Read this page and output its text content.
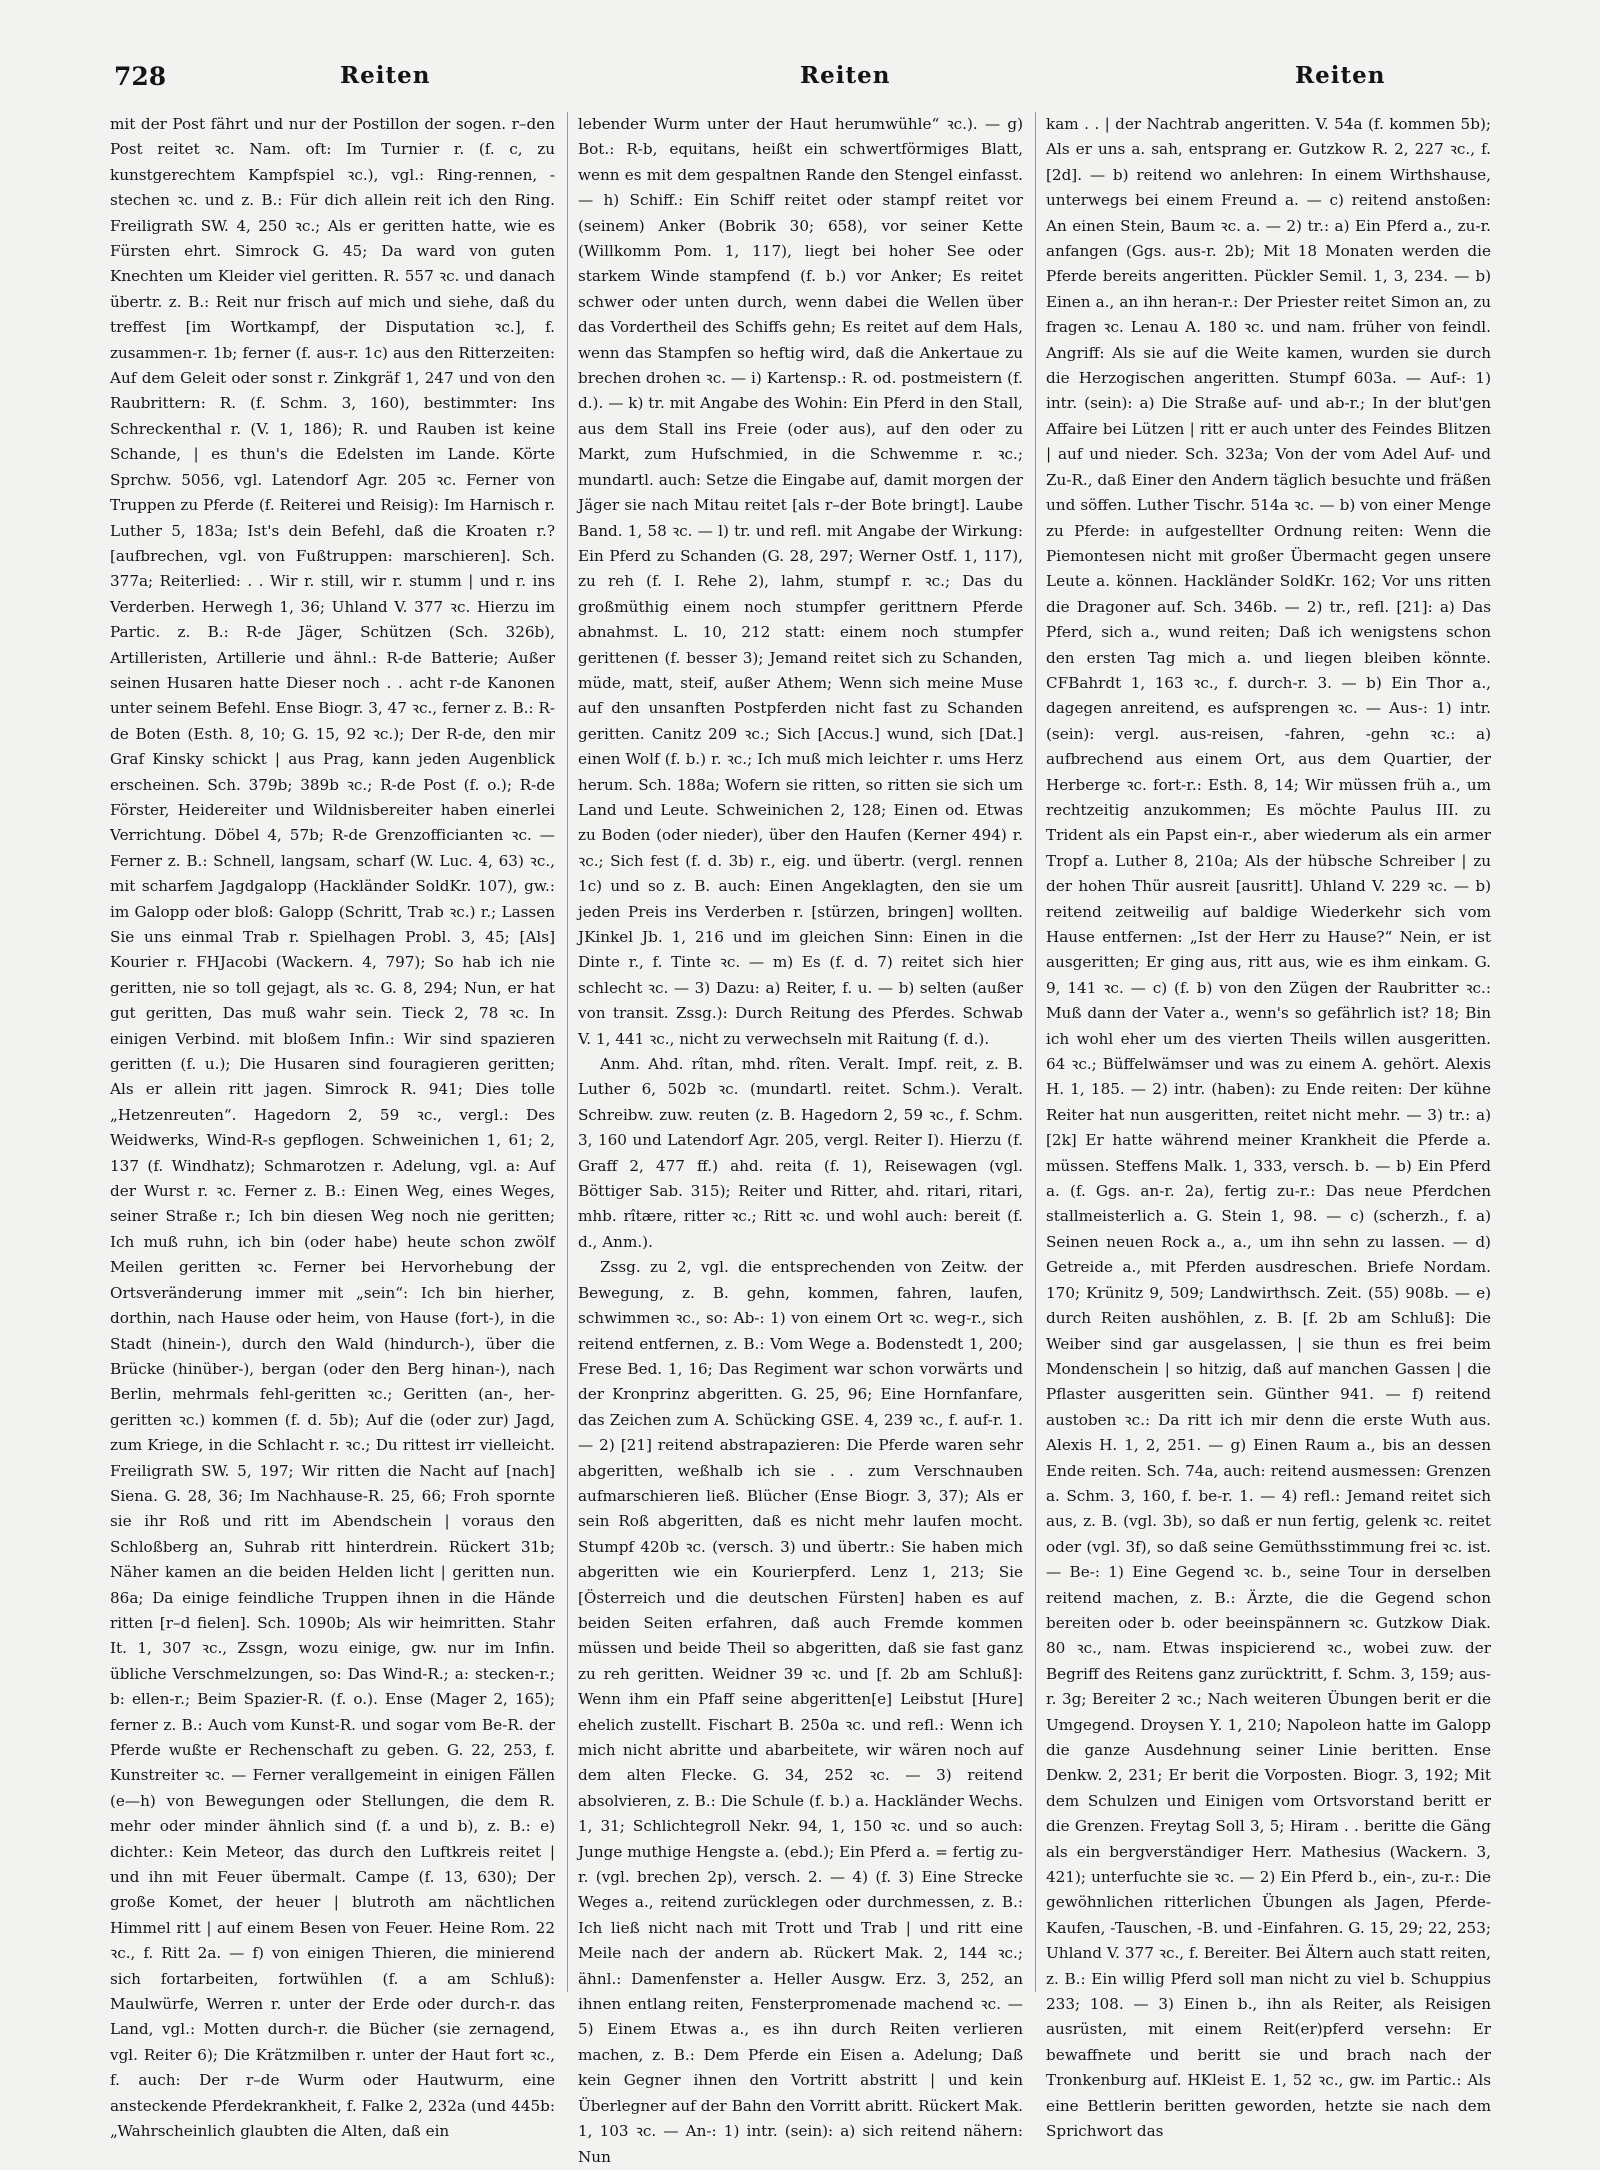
728	Reiten	Reiten	Reiten

mit der Post fährt und nur der Postillon der sogen. r–den Post reitet ꝛc. Nam. oft: Im Turnier r. (f. c, zu kunstgerechtem Kampfspiel ꝛc.), vgl.: Ring-rennen, -stechen ꝛc. und z. B.: Für dich allein reit ich den Ring. Freiligrath SW. 4, 250 ꝛc.; Als er geritten hatte, wie es Fürsten ehrt. Simrock G. 45; Da ward von guten Knechten um Kleider viel geritten. R. 557 ꝛc. und danach übertr. z. B.: Reit nur frisch auf mich und siehe, daß du treffest [im Wortkampf, der Disputation ꝛc.], f. zusammen-r. 1b; ferner (f. aus-r. 1c) aus den Ritterzeiten: Auf dem Geleit oder sonst r. Zinkgräf 1, 247 und von den Raubrittern: R. (f. Schm. 3, 160), bestimmter: Ins Schreckenthal r. (V. 1, 186); R. und Rauben ist keine Schande, | es thun's die Edelsten im Lande. Körte Sprchw. 5056, vgl. Latendorf Agr. 205 ꝛc. Ferner von Truppen zu Pferde (f. Reiterei und Reisig): Im Harnisch r. Luther 5, 183a; Ist's dein Befehl, daß die Kroaten r.? [aufbrechen, vgl. von Fußtruppen: marschieren]. Sch. 377a; Reiterlied: . . Wir r. still, wir r. stumm | und r. ins Verderben. Herwegh 1, 36; Uhland V. 377 ꝛc. Hierzu im Partic. z. B.: R-de Jäger, Schützen (Sch. 326b), Artilleristen, Artillerie und ähnl.: R-de Batterie; Außer seinen Husaren hatte Dieser noch . . acht r-de Kanonen unter seinem Befehl. Ense Biogr. 3, 47 ꝛc., ferner z. B.: R-de Boten (Esth. 8, 10; G. 15, 92 ꝛc.); Der R-de, den mir Graf Kinsky schickt | aus Prag, kann jeden Augenblick erscheinen. Sch. 379b; 389b ꝛc.; R-de Post (f. o.); R-de Förster, Heidereiter und Wildnisbereiter haben einerlei Verrichtung. Döbel 4, 57b; R-de Grenzofficianten ꝛc. — Ferner z. B.: Schnell, langsam, scharf (W. Luc. 4, 63) ꝛc., mit scharfem Jagdgalopp (Hackländer SoldKr. 107), gw.: im Galopp oder bloß: Galopp (Schritt, Trab ꝛc.) r.; Lassen Sie uns einmal Trab r. Spielhagen Probl. 3, 45; [Als] Kourier r. FHJacobi (Wackern. 4, 797); So hab ich nie geritten, nie so toll gejagt, als ꝛc. G. 8, 294; Nun, er hat gut geritten, Das muß wahr sein. Tieck 2, 78 ꝛc. In einigen Verbind. mit bloßem Infin.: Wir sind spazieren geritten (f. u.); Die Husaren sind fouragieren geritten; Als er allein ritt jagen. Simrock R. 941; Dies tolle „Hetzenreuten“. Hagedorn 2, 59 ꝛc., vergl.: Des Weidwerks, Wind-R-s gepflogen. Schweinichen 1, 61; 2, 137 (f. Windhatz); Schmarotzen r. Adelung, vgl. a: Auf der Wurst r. ꝛc. Ferner z. B.: Einen Weg, eines Weges, seiner Straße r.; Ich bin diesen Weg noch nie geritten; Ich muß ruhn, ich bin (oder habe) heute schon zwölf Meilen geritten ꝛc. Ferner bei Hervorhebung der Ortsveränderung immer mit „sein“: Ich bin hierher, dorthin, nach Hause oder heim, von Hause (fort-), in die Stadt (hinein-), durch den Wald (hindurch-), über die Brücke (hinüber-), bergan (oder den Berg hinan-), nach Berlin, mehrmals fehl-geritten ꝛc.; Geritten (an-, her-geritten ꝛc.) kommen (f. d. 5b); Auf die (oder zur) Jagd, zum Kriege, in die Schlacht r. ꝛc.; Du rittest irr vielleicht. Freiligrath SW. 5, 197; Wir ritten die Nacht auf [nach] Siena. G. 28, 36; Im Nachhause-R. 25, 66; Froh spornte sie ihr Roß und ritt im Abendschein | voraus den Schloßberg an, Suhrab ritt hinterdrein. Rückert 31b; Näher kamen an die beiden Helden licht | geritten nun. 86a; Da einige feindliche Truppen ihnen in die Hände ritten [r–d fielen]. Sch. 1090b; Als wir heimritten. Stahr It. 1, 307 ꝛc., Zssgn, wozu einige, gw. nur im Infin. übliche Verschmelzungen, so: Das Wind-R.; a: stecken-r.; b: ellen-r.; Beim Spazier-R. (f. o.). Ense (Mager 2, 165); ferner z. B.: Auch vom Kunst-R. und sogar vom Be-R. der Pferde wußte er Rechenschaft zu geben. G. 22, 253, f. Kunstreiter ꝛc. — Ferner verallgemeint in einigen Fällen (e—h) von Bewegungen oder Stellungen, die dem R. mehr oder minder ähnlich sind (f. a und b), z. B.: e) dichter.: Kein Meteor, das durch den Luftkreis reitet | und ihn mit Feuer übermalt. Campe (f. 13, 630); Der große Komet, der heuer | blutroth am nächtlichen Himmel ritt | auf einem Besen von Feuer. Heine Rom. 22 ꝛc., f. Ritt 2a. — f) von einigen Thieren, die minierend sich fortarbeiten, fortwühlen (f. a am Schluß): Maulwürfe, Werren r. unter der Erde oder durch-r. das Land, vgl.: Motten durch-r. die Bücher (sie zernagend, vgl. Reiter 6); Die Krätzmilben r. unter der Haut fort ꝛc., f. auch: Der r–de Wurm oder Hautwurm, eine ansteckende Pferdekrankheit, f. Falke 2, 232a (und 445b: „Wahrscheinlich glaubten die Alten, daß ein

lebender Wurm unter der Haut herumwühle“ ꝛc.). — g) Bot.: R-b, equitans, heißt ein schwertförmiges Blatt, wenn es mit dem gespaltnen Rande den Stengel einfasst. — h) Schiff.: Ein Schiff reitet oder stampf reitet vor (seinem) Anker (Bobrik 30; 658), vor seiner Kette (Willkomm Pom. 1, 117), liegt bei hoher See oder starkem Winde stampfend (f. b.) vor Anker; Es reitet schwer oder unten durch, wenn dabei die Wellen über das Vordertheil des Schiffs gehn; Es reitet auf dem Hals, wenn das Stampfen so heftig wird, daß die Ankertaue zu brechen drohen ꝛc. — i) Kartensp.: R. od. postmeistern (f. d.). — k) tr. mit Angabe des Wohin: Ein Pferd in den Stall, aus dem Stall ins Freie (oder aus), auf den oder zu Markt, zum Hufschmied, in die Schwemme r. ꝛc.; mundartl. auch: Setze die Eingabe auf, damit morgen der Jäger sie nach Mitau reitet [als r–der Bote bringt]. Laube Band. 1, 58 ꝛc. — l) tr. und refl. mit Angabe der Wirkung: Ein Pferd zu Schanden (G. 28, 297; Werner Ostf. 1, 117), zu reh (f. I. Rehe 2), lahm, stumpf r. ꝛc.; Das du großmüthig einem noch stumpfer gerittnern Pferde abnahmst. L. 10, 212 statt: einem noch stumpfer gerittenen (f. besser 3); Jemand reitet sich zu Schanden, müde, matt, steif, außer Athem; Wenn sich meine Muse auf den unsanften Postpferden nicht fast zu Schanden geritten. Canitz 209 ꝛc.; Sich [Accus.] wund, sich [Dat.] einen Wolf (f. b.) r. ꝛc.; Ich muß mich leichter r. ums Herz herum. Sch. 188a; Wofern sie ritten, so ritten sie sich um Land und Leute. Schweinichen 2, 128; Einen od. Etwas zu Boden (oder nieder), über den Haufen (Kerner 494) r. ꝛc.; Sich fest (f. d. 3b) r., eig. und übertr. (vergl. rennen 1c) und so z. B. auch: Einen Angeklagten, den sie um jeden Preis ins Verderben r. [stürzen, bringen] wollten. JKinkel Jb. 1, 216 und im gleichen Sinn: Einen in die Dinte r., f. Tinte ꝛc. — m) Es (f. d. 7) reitet sich hier schlecht ꝛc. — 3) Dazu: a) Reiter, f. u. — b) selten (außer von transit. Zssg.): Durch Reitung des Pferdes. Schwab V. 1, 441 ꝛc., nicht zu verwechseln mit Raitung (f. d.).

Anm. Ahd. rîtan, mhd. rîten. Veralt. Impf. reit, z. B. Luther 6, 502b ꝛc. (mundartl. reitet. Schm.). Veralt. Schreibw. zuw. reuten (z. B. Hagedorn 2, 59 ꝛc., f. Schm. 3, 160 und Latendorf Agr. 205, vergl. Reiter I). Hierzu (f. Graff 2, 477 ff.) ahd. reita (f. 1), Reisewagen (vgl. Böttiger Sab. 315); Reiter und Ritter, ahd. ritari, ritari, mhb. rîtære, ritter ꝛc.; Ritt ꝛc. und wohl auch: bereit (f. d., Anm.).

Zssg. zu 2, vgl. die entsprechenden von Zeitw. der Bewegung, z. B. gehn, kommen, fahren, laufen, schwimmen ꝛc., so: Ab-: 1) von einem Ort ꝛc. weg-r., sich reitend entfernen, z. B.: Vom Wege a. Bodenstedt 1, 200; Frese Bed. 1, 16; Das Regiment war schon vorwärts und der Kronprinz abgeritten. G. 25, 96; Eine Hornfanfare, das Zeichen zum A. Schücking GSE. 4, 239 ꝛc., f. auf-r. 1. — 2) [21] reitend abstrapazieren: Die Pferde waren sehr abgeritten, weßhalb ich sie . . zum Verschnauben aufmarschieren ließ. Blücher (Ense Biogr. 3, 37); Als er sein Roß abgeritten, daß es nicht mehr laufen mocht. Stumpf 420b ꝛc. (versch. 3) und übertr.: Sie haben mich abgeritten wie ein Kourierpferd. Lenz 1, 213; Sie [Österreich und die deutschen Fürsten] haben es auf beiden Seiten erfahren, daß auch Fremde kommen müssen und beide Theil so abgeritten, daß sie fast ganz zu reh geritten. Weidner 39 ꝛc. und [f. 2b am Schluß]: Wenn ihm ein Pfaff seine abgeritten[e] Leibstut [Hure] ehelich zustellt. Fischart B. 250a ꝛc. und refl.: Wenn ich mich nicht abritte und abarbeitete, wir wären noch auf dem alten Flecke. G. 34, 252 ꝛc. — 3) reitend absolvieren, z. B.: Die Schule (f. b.) a. Hackländer Wechs. 1, 31; Schlichtegroll Nekr. 94, 1, 150 ꝛc. und so auch: Junge muthige Hengste a. (ebd.); Ein Pferd a. = fertig zu-r. (vgl. brechen 2p), versch. 2. — 4) (f. 3) Eine Strecke Weges a., reitend zurücklegen oder durchmessen, z. B.: Ich ließ nicht nach mit Trott und Trab | und ritt eine Meile nach der andern ab. Rückert Mak. 2, 144 ꝛc.; ähnl.: Damenfenster a. Heller Ausgw. Erz. 3, 252, an ihnen entlang reiten, Fensterpromenade machend ꝛc. — 5) Einem Etwas a., es ihn durch Reiten verlieren machen, z. B.: Dem Pferde ein Eisen a. Adelung; Daß kein Gegner ihnen den Vortritt abstritt | und kein Überlegner auf der Bahn den Vorritt abritt. Rückert Mak. 1, 103 ꝛc. — An-: 1) intr. (sein): a) sich reitend nähern: Nun

kam . . | der Nachtrab angeritten. V. 54a (f. kommen 5b); Als er uns a. sah, entsprang er. Gutzkow R. 2, 227 ꝛc., f. [2d]. — b) reitend wo anlehren: In einem Wirthshause, unterwegs bei einem Freund a. — c) reitend anstoßen: An einen Stein, Baum ꝛc. a. — 2) tr.: a) Ein Pferd a., zu-r. anfangen (Ggs. aus-r. 2b); Mit 18 Monaten werden die Pferde bereits angeritten. Pückler Semil. 1, 3, 234. — b) Einen a., an ihn heran-r.: Der Priester reitet Simon an, zu fragen ꝛc. Lenau A. 180 ꝛc. und nam. früher von feindl. Angriff: Als sie auf die Weite kamen, wurden sie durch die Herzogischen angeritten. Stumpf 603a. — Auf-: 1) intr. (sein): a) Die Straße auf- und ab-r.; In der blut'gen Affaire bei Lützen | ritt er auch unter des Feindes Blitzen | auf und nieder. Sch. 323a; Von der vom Adel Auf- und Zu-R., daß Einer den Andern täglich besuchte und fräßen und söffen. Luther Tischr. 514a ꝛc. — b) von einer Menge zu Pferde: in aufgestellter Ordnung reiten: Wenn die Piemontesen nicht mit großer Übermacht gegen unsere Leute a. können. Hackländer SoldKr. 162; Vor uns ritten die Dragoner auf. Sch. 346b. — 2) tr., refl. [21]: a) Das Pferd, sich a., wund reiten; Daß ich wenigstens schon den ersten Tag mich a. und liegen bleiben könnte. CFBahrdt 1, 163 ꝛc., f. durch-r. 3. — b) Ein Thor a., dagegen anreitend, es aufsprengen ꝛc. — Aus-: 1) intr. (sein): vergl. aus-reisen, -fahren, -gehn ꝛc.: a) aufbrechend aus einem Ort, aus dem Quartier, der Herberge ꝛc. fort-r.: Esth. 8, 14; Wir müssen früh a., um rechtzeitig anzukommen; Es möchte Paulus III. zu Trident als ein Papst ein-r., aber wiederum als ein armer Tropf a. Luther 8, 210a; Als der hübsche Schreiber | zu der hohen Thür ausreit [ausritt]. Uhland V. 229 ꝛc. — b) reitend zeitweilig auf baldige Wiederkehr sich vom Hause entfernen: „Ist der Herr zu Hause?“ Nein, er ist ausgeritten; Er ging aus, ritt aus, wie es ihm einkam. G. 9, 141 ꝛc. — c) (f. b) von den Zügen der Raubritter ꝛc.: Muß dann der Vater a., wenn's so gefährlich ist? 18; Bin ich wohl eher um des vierten Theils willen ausgeritten. 64 ꝛc.; Büffelwämser und was zu einem A. gehört. Alexis H. 1, 185. — 2) intr. (haben): zu Ende reiten: Der kühne Reiter hat nun ausgeritten, reitet nicht mehr. — 3) tr.: a) [2k] Er hatte während meiner Krankheit die Pferde a. müssen. Steffens Malk. 1, 333, versch. b. — b) Ein Pferd a. (f. Ggs. an-r. 2a), fertig zu-r.: Das neue Pferdchen stallmeisterlich a. G. Stein 1, 98. — c) (scherzh., f. a) Seinen neuen Rock a., a., um ihn sehn zu lassen. — d) Getreide a., mit Pferden ausdreschen. Briefe Nordam. 170; Krünitz 9, 509; Landwirthsch. Zeit. (55) 908b. — e) durch Reiten aushöhlen, z. B. [f. 2b am Schluß]: Die Weiber sind gar ausgelassen, | sie thun es frei beim Mondenschein | so hitzig, daß auf manchen Gassen | die Pflaster ausgeritten sein. Günther 941. — f) reitend austoben ꝛc.: Da ritt ich mir denn die erste Wuth aus. Alexis H. 1, 2, 251. — g) Einen Raum a., bis an dessen Ende reiten. Sch. 74a, auch: reitend ausmessen: Grenzen a. Schm. 3, 160, f. be-r. 1. — 4) refl.: Jemand reitet sich aus, z. B. (vgl. 3b), so daß er nun fertig, gelenk ꝛc. reitet oder (vgl. 3f), so daß seine Gemüthsstimmung frei ꝛc. ist. — Be-: 1) Eine Gegend ꝛc. b., seine Tour in derselben reitend machen, z. B.: Ärzte, die die Gegend schon bereiten oder b. oder beeinspännern ꝛc. Gutzkow Diak. 80 ꝛc., nam. Etwas inspicierend ꝛc., wobei zuw. der Begriff des Reitens ganz zurücktritt, f. Schm. 3, 159; aus-r. 3g; Bereiter 2 ꝛc.; Nach weiteren Übungen berit er die Umgegend. Droysen Y. 1, 210; Napoleon hatte im Galopp die ganze Ausdehnung seiner Linie beritten. Ense Denkw. 2, 231; Er berit die Vorposten. Biogr. 3, 192; Mit dem Schulzen und Einigen vom Ortsvorstand beritt er die Grenzen. Freytag Soll 3, 5; Hiram . . beritte die Gäng als ein bergverständiger Herr. Mathesius (Wackern. 3, 421); unterfuchte sie ꝛc. — 2) Ein Pferd b., ein-, zu-r.: Die gewöhnlichen ritterlichen Übungen als Jagen, Pferde-Kaufen, -Tauschen, -B. und -Einfahren. G. 15, 29; 22, 253; Uhland V. 377 ꝛc., f. Bereiter. Bei Ältern auch statt reiten, z. B.: Ein willig Pferd soll man nicht zu viel b. Schuppius 233; 108. — 3) Einen b., ihn als Reiter, als Reisigen ausrüsten, mit einem Reit(er)pferd versehn: Er bewaffnete und beritt sie und brach nach der Tronkenburg auf. HKleist E. 1, 52 ꝛc., gw. im Partic.: Als eine Bettlerin beritten geworden, hetzte sie nach dem Sprichwort das
